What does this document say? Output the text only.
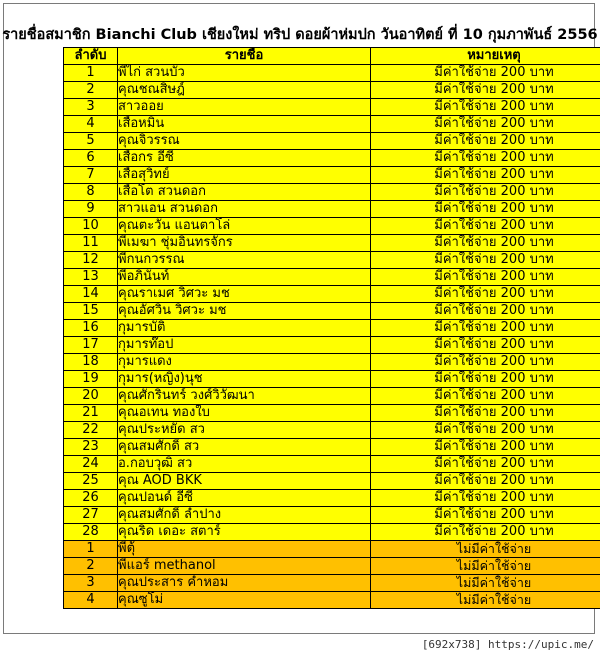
รายชื่อสมาชิก Bianchi Club เชียงใหม่ ทริป ดอยผ้าห่มปก วันอาทิตย์ ที่ 10 กุมภาพันธ์ 2556
ลำดับ	รายชื่อ	หมายเหตุ
1	พี่ไก่ สวนบัว	มีค่าใช้จ่าย 200 บาท
2	คุณชณสิษฎ์	มีค่าใช้จ่าย 200 บาท
3	สาวออย	มีค่าใช้จ่าย 200 บาท
4	เสือหมิน	มีค่าใช้จ่าย 200 บาท
5	คุณจิวรรณ	มีค่าใช้จ่าย 200 บาท
6	เสือกร อีซี่	มีค่าใช้จ่าย 200 บาท
7	เสือสุวิทย์	มีค่าใช้จ่าย 200 บาท
8	เสือโต สวนดอก	มีค่าใช้จ่าย 200 บาท
9	สาวแอน สวนดอก	มีค่าใช้จ่าย 200 บาท
10	คุณตะวัน แอนตาโล่	มีค่าใช้จ่าย 200 บาท
11	พี่เมฆา ชุ่มอินทรจักร	มีค่าใช้จ่าย 200 บาท
12	พี่กนกวรรณ	มีค่าใช้จ่าย 200 บาท
13	พี่อภินันท์	มีค่าใช้จ่าย 200 บาท
14	คุณราเมศ วิศวะ มช	มีค่าใช้จ่าย 200 บาท
15	คุณอัศวิน วิศวะ มช	มีค่าใช้จ่าย 200 บาท
16	กุมารบัติ	มีค่าใช้จ่าย 200 บาท
17	กุมารท๊อป	มีค่าใช้จ่าย 200 บาท
18	กุมารแดง	มีค่าใช้จ่าย 200 บาท
19	กุมาร(หญิง)นุช	มีค่าใช้จ่าย 200 บาท
20	คุณศักรินทร์ วงศ์วิวัฒนา	มีค่าใช้จ่าย 200 บาท
21	คุณอเทน ทองใบ	มีค่าใช้จ่าย 200 บาท
22	คุณประหยัด สว	มีค่าใช้จ่าย 200 บาท
23	คุณสมศักดิ์ สว	มีค่าใช้จ่าย 200 บาท
24	อ.กอบวุฒิ สว	มีค่าใช้จ่าย 200 บาท
25	คุณ AOD BKK	มีค่าใช้จ่าย 200 บาท
26	คุณปอนด์ อีซี่	มีค่าใช้จ่าย 200 บาท
27	คุณสมศักดิ์ ลำปาง	มีค่าใช้จ่าย 200 บาท
28	คุณริด เดอะ สตาร์	มีค่าใช้จ่าย 200 บาท
1	พี่ตุ้	ไม่มีค่าใช้จ่าย
2	พี่แอร์ methanol	ไม่มีค่าใช้จ่าย
3	คุณประสาร คำหอม	ไม่มีค่าใช้จ่าย
4	คุณซูโม่	ไม่มีค่าใช้จ่าย
[692x738] https://upic.me/
